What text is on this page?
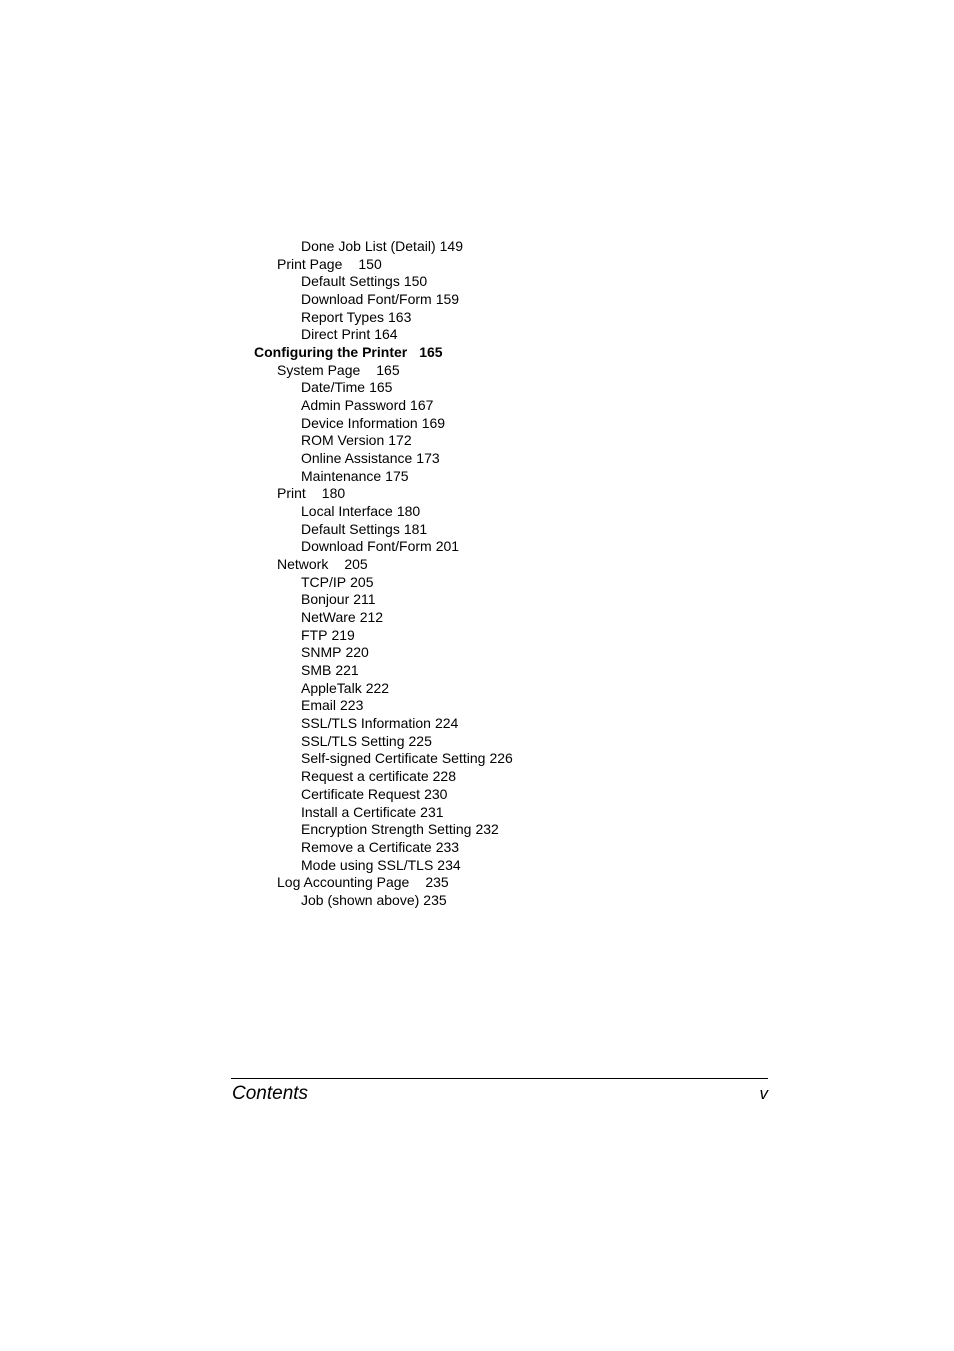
Done Job List (Detail) 149
Print Page 150
Default Settings 150
Download Font/Form 159
Report Types 163
Direct Print 164
Configuring the Printer 165
System Page 165
Date/Time 165
Admin Password 167
Device Information 169
ROM Version 172
Online Assistance 173
Maintenance 175
Print 180
Local Interface 180
Default Settings 181
Download Font/Form 201
Network 205
TCP/IP 205
Bonjour 211
NetWare 212
FTP 219
SNMP 220
SMB 221
AppleTalk 222
Email 223
SSL/TLS Information 224
SSL/TLS Setting 225
Self-signed Certificate Setting 226
Request a certificate 228
Certificate Request 230
Install a Certificate 231
Encryption Strength Setting 232
Remove a Certificate 233
Mode using SSL/TLS 234
Log Accounting Page 235
Job (shown above) 235
Contents	v
